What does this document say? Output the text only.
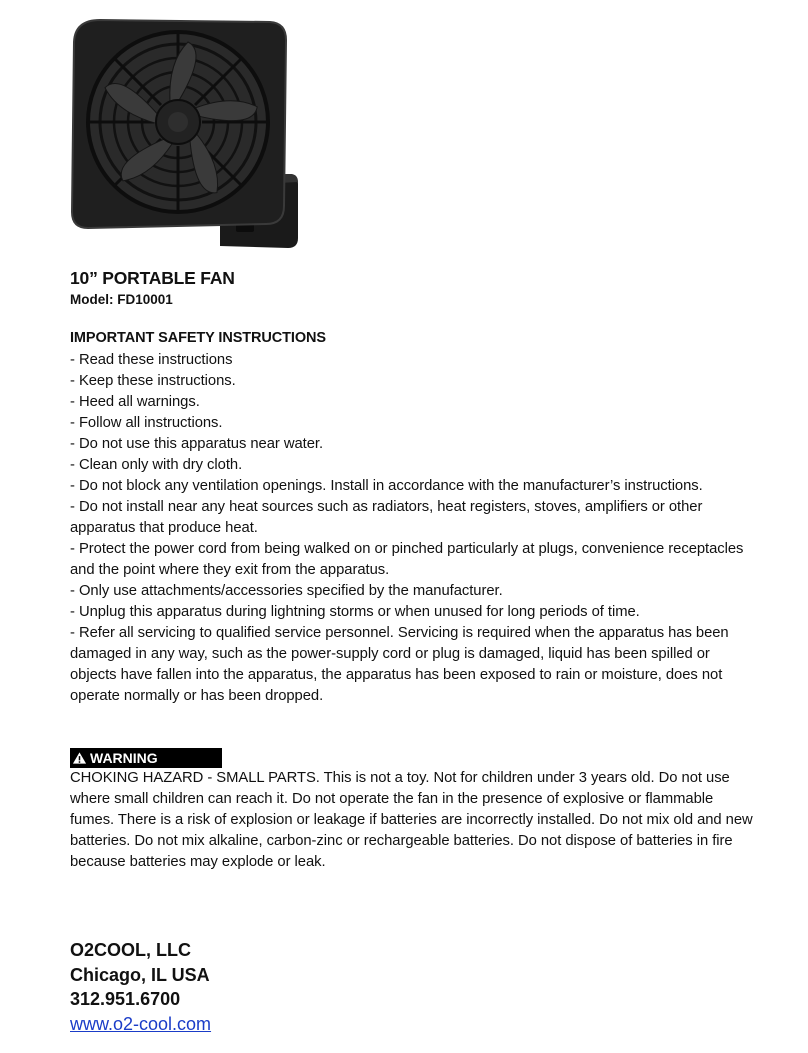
10” PORTABLE FAN
Model: FD10001
IMPORTANT SAFETY INSTRUCTIONS
- Read these instructions
- Keep these instructions.
- Heed all warnings.
- Follow all instructions.
- Do not use this apparatus near water.
- Clean only with dry cloth.
- Do not block any ventilation openings. Install in accordance with the manufacturer’s instructions.
- Do not install near any heat sources such as radiators, heat registers, stoves, amplifiers or other apparatus that produce heat.
- Protect the power cord from being walked on or pinched particularly at plugs, convenience receptacles and the point where they exit from the apparatus.
- Only use attachments/accessories specified by the manufacturer.
- Unplug this apparatus during lightning storms or when unused for long periods of time.
- Refer all servicing to qualified service personnel. Servicing is required when the apparatus has been damaged in any way, such as the power-supply cord or plug is damaged, liquid has been spilled or objects have fallen into the apparatus, the apparatus has been exposed to rain or moisture, does not operate normally or has been dropped.
WARNING

CHOKING HAZARD - SMALL PARTS. This is not a toy. Not for children under 3 years old. Do not use where small children can reach it. Do not operate the fan in the presence of explosive or flammable fumes. There is a risk of explosion or leakage if batteries are incorrectly installed. Do not mix old and new batteries. Do not mix alkaline, carbon-zinc or rechargeable batteries. Do not dispose of batteries in fire because batteries may explode or leak.

O2COOL, LLC
Chicago, IL USA
312.951.6700
www.o2-cool.com
